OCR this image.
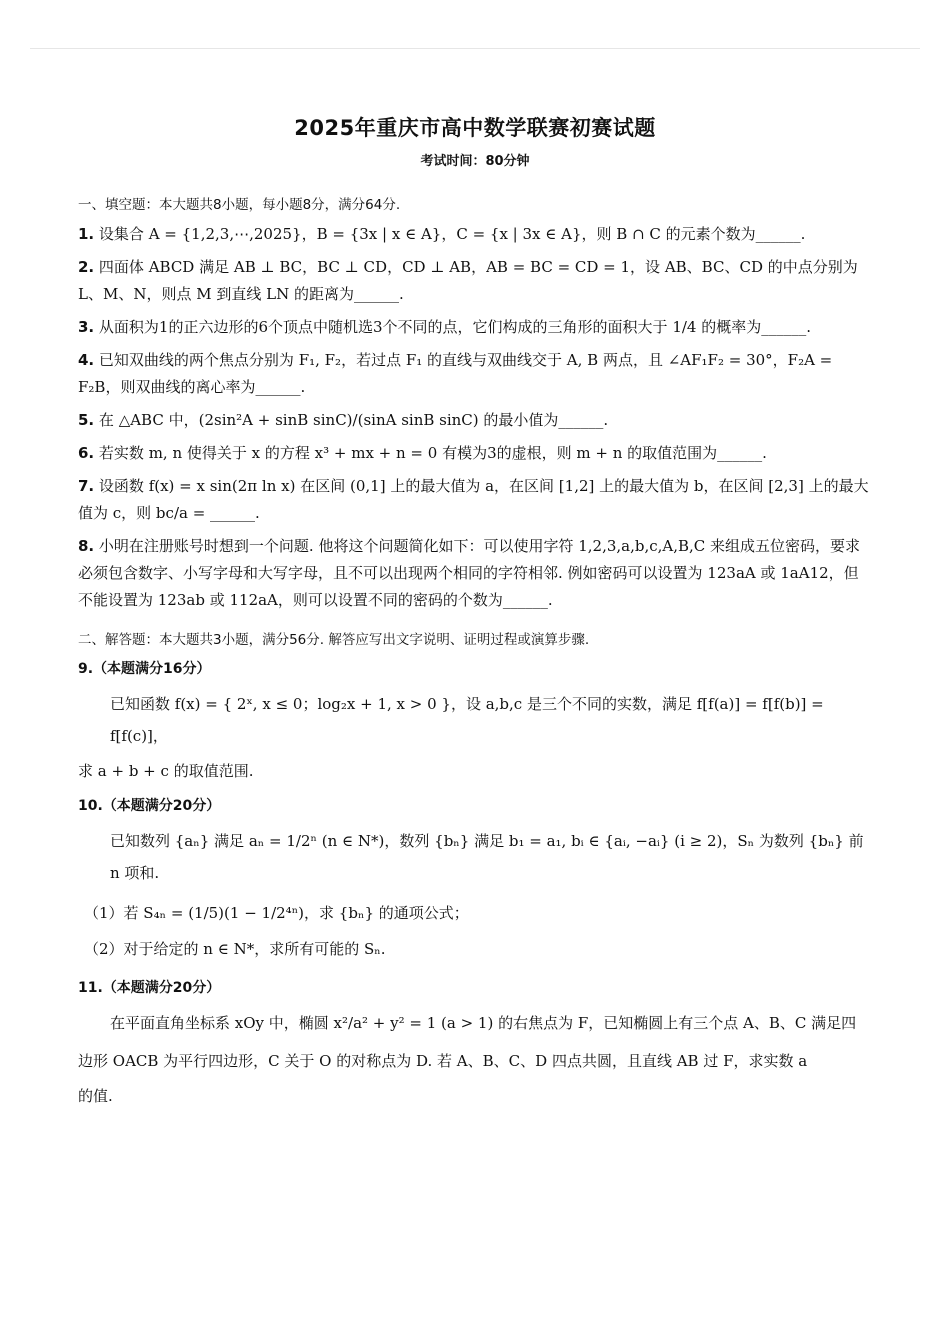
2025年重庆市高中数学联赛初赛试题
考试时间：80分钟
一、填空题：本大题共8小题，每小题8分，满分64分.
1. 设集合 A = {1,2,3,⋯,2025}，B = {3x | x ∈ A}，C = {x | 3x ∈ A}，则 B ∩ C 的元素个数为______.
2. 四面体 ABCD 满足 AB ⊥ BC，BC ⊥ CD，CD ⊥ AB，AB = BC = CD = 1，设 AB、BC、CD 的中点分别为 L、M、N，则点 M 到直线 LN 的距离为______.
3. 从面积为1的正六边形的6个顶点中随机选3个不同的点，它们构成的三角形的面积大于 1/4 的概率为______.
4. 已知双曲线的两个焦点分别为 F₁, F₂，若过点 F₁ 的直线与双曲线交于 A, B 两点，且 ∠AF₁F₂ = 30°，F₂A = F₂B，则双曲线的离心率为______.
5. 在 △ABC 中，(2sin²A + sinB sinC)/(sinA sinB sinC) 的最小值为______.
6. 若实数 m, n 使得关于 x 的方程 x³ + mx + n = 0 有模为3的虚根，则 m + n 的取值范围为______.
7. 设函数 f(x) = x sin(2π ln x) 在区间 (0,1] 上的最大值为 a，在区间 [1,2] 上的最大值为 b，在区间 [2,3] 上的最大值为 c，则 bc/a = ______.
8. 小明在注册账号时想到一个问题. 他将这个问题简化如下：可以使用字符 1,2,3,a,b,c,A,B,C 来组成五位密码，要求必须包含数字、小写字母和大写字母，且不可以出现两个相同的字符相邻. 例如密码可以设置为 123aA 或 1aA12，但不能设置为 123ab 或 112aA，则可以设置不同的密码的个数为______.
二、解答题：本大题共3小题，满分56分. 解答应写出文字说明、证明过程或演算步骤.
9.（本题满分16分）
已知函数 f(x) = { 2ˣ, x ≤ 0；log₂x + 1, x > 0 }，设 a,b,c 是三个不同的实数，满足 f[f(a)] = f[f(b)] = f[f(c)]，
求 a + b + c 的取值范围.
10.（本题满分20分）
已知数列 {aₙ} 满足 aₙ = 1/2ⁿ (n ∈ N*)，数列 {bₙ} 满足 b₁ = a₁, bᵢ ∈ {aᵢ, −aᵢ} (i ≥ 2)，Sₙ 为数列 {bₙ} 前 n 项和.
（1）若 S₄ₙ = (1/5)(1 − 1/2⁴ⁿ)，求 {bₙ} 的通项公式；
（2）对于给定的 n ∈ N*，求所有可能的 Sₙ.
11.（本题满分20分）
在平面直角坐标系 xOy 中，椭圆 x²/a² + y² = 1 (a > 1) 的右焦点为 F，已知椭圆上有三个点 A、B、C 满足四
边形 OACB 为平行四边形，C 关于 O 的对称点为 D. 若 A、B、C、D 四点共圆，且直线 AB 过 F，求实数 a
的值.
